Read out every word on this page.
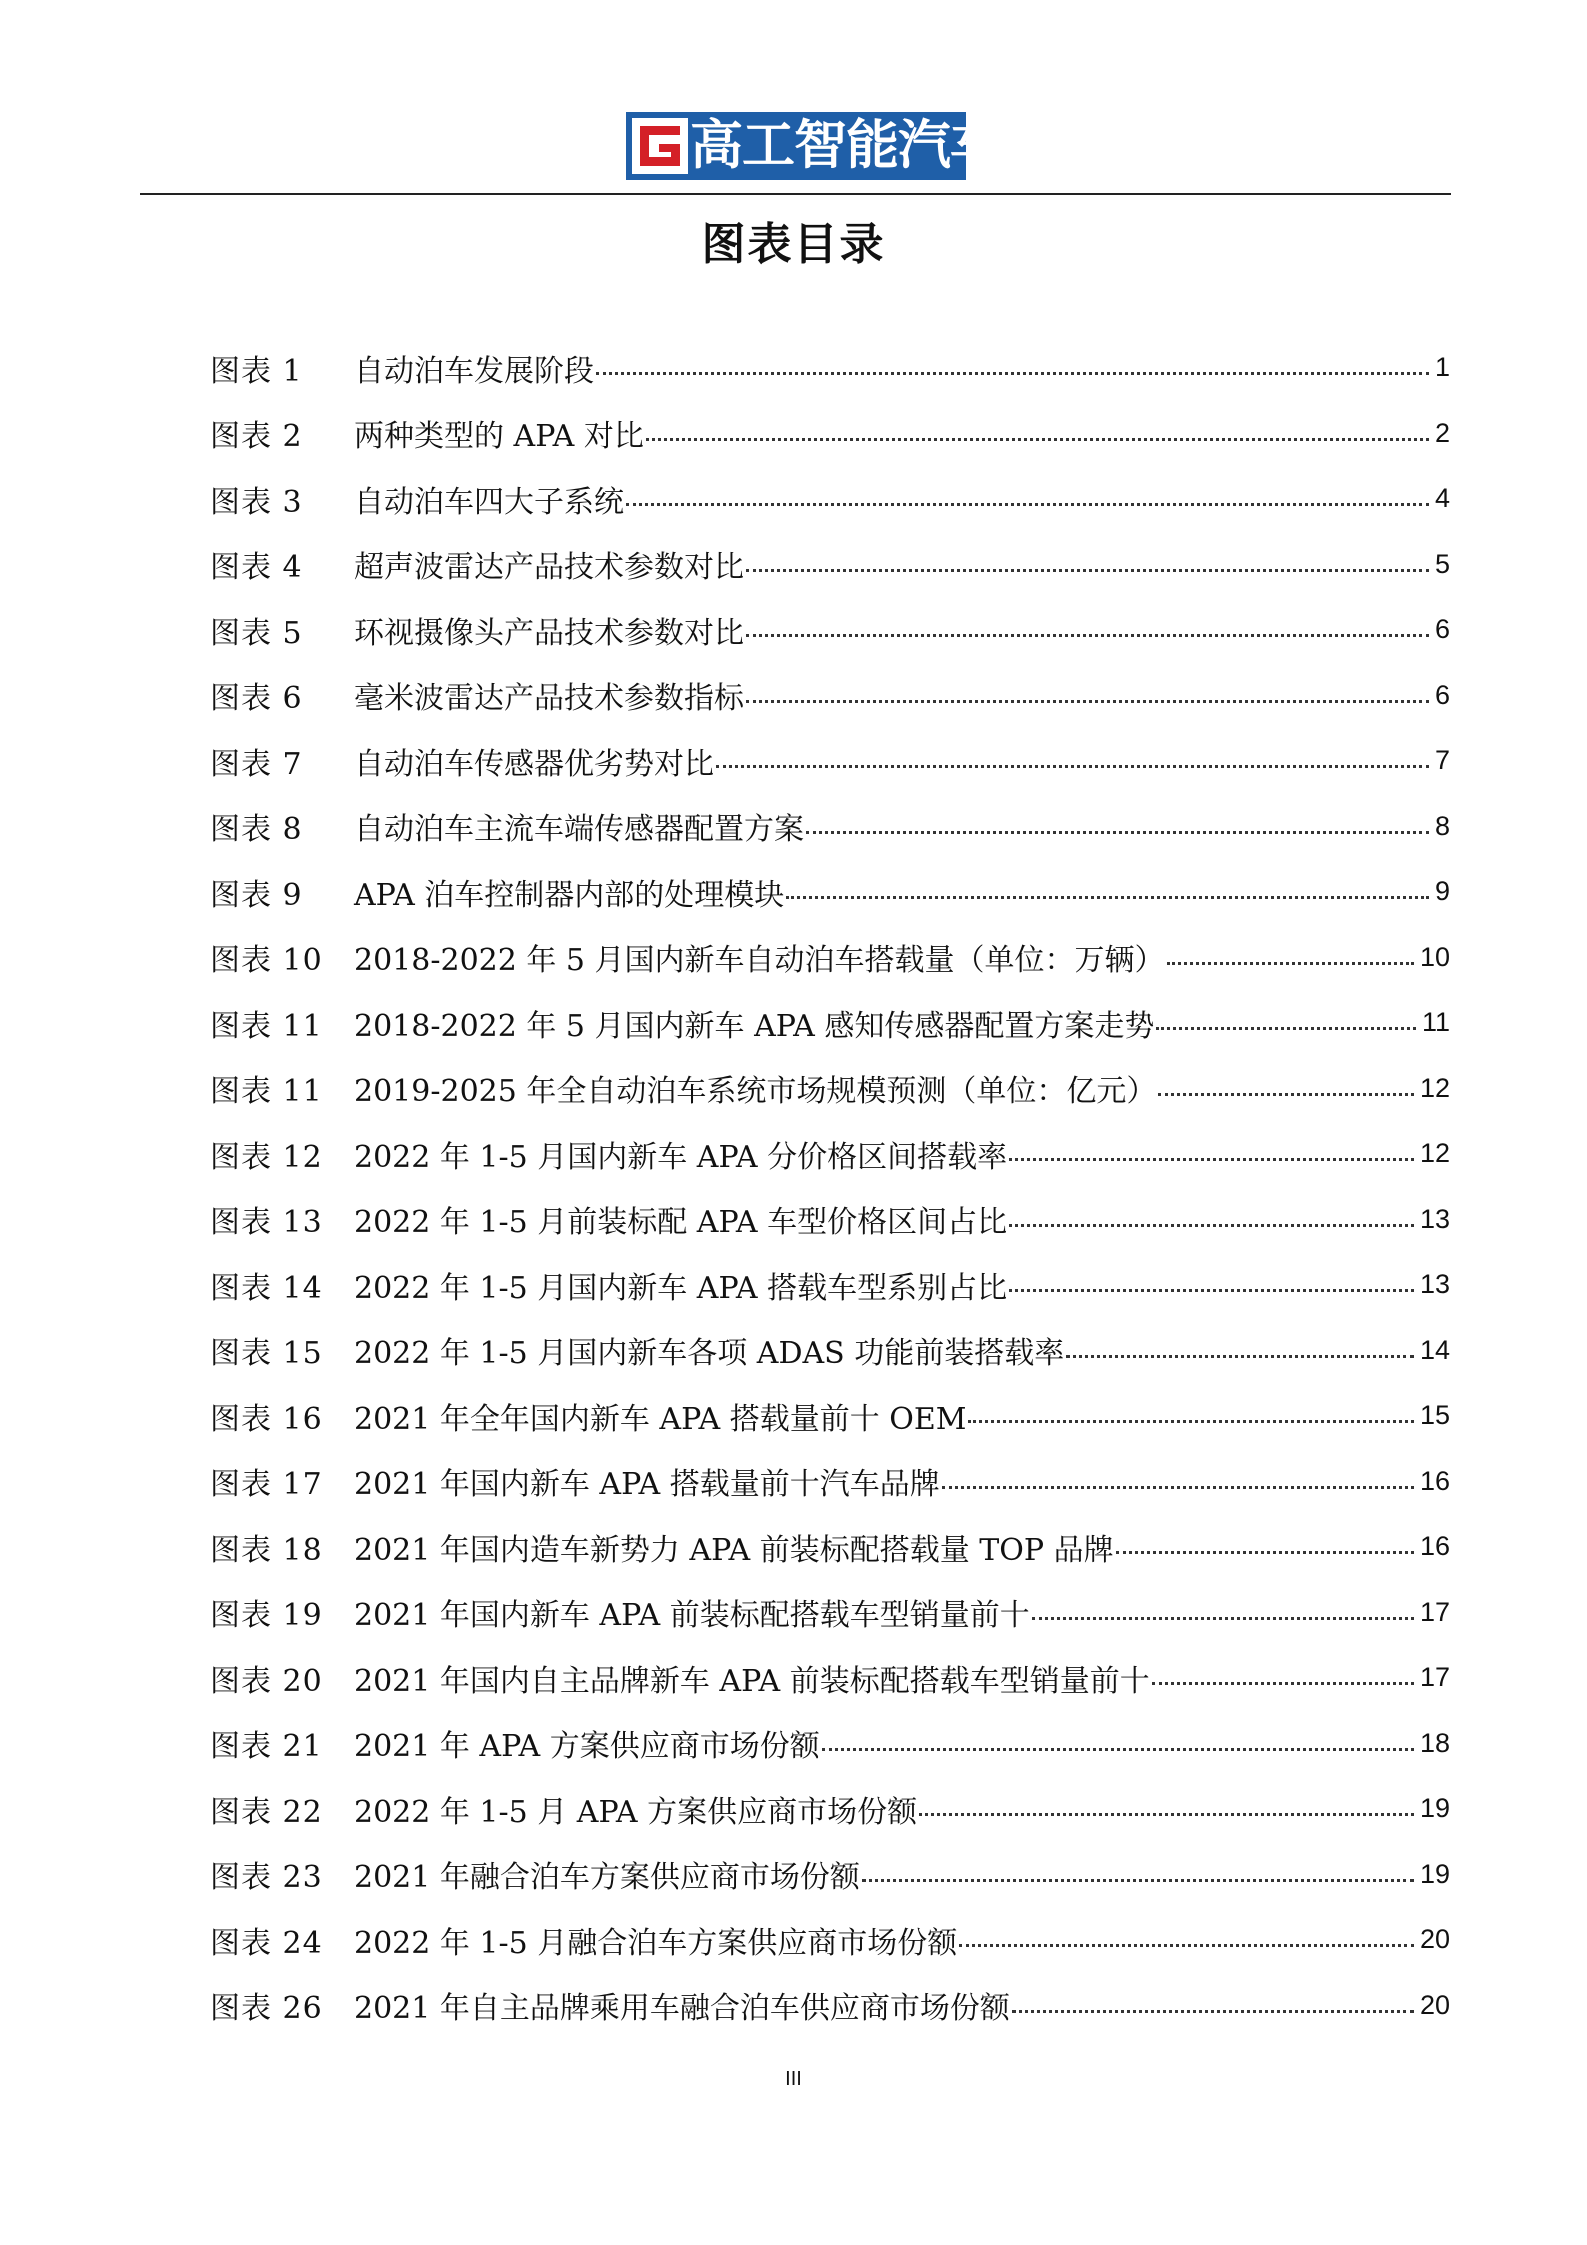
高工智能汽车
图表目录
图表 1	自动泊车发展阶段	1
图表 2	两种类型的 APA 对比	2
图表 3	自动泊车四大子系统	4
图表 4	超声波雷达产品技术参数对比	5
图表 5	环视摄像头产品技术参数对比	6
图表 6	毫米波雷达产品技术参数指标	6
图表 7	自动泊车传感器优劣势对比	7
图表 8	自动泊车主流车端传感器配置方案	8
图表 9	APA 泊车控制器内部的处理模块	9
图表 10	2018-2022 年 5 月国内新车自动泊车搭载量（单位：万辆）	10
图表 11	2018-2022 年 5 月国内新车 APA 感知传感器配置方案走势	11
图表 11	2019-2025 年全自动泊车系统市场规模预测（单位：亿元）	12
图表 12	2022 年 1-5 月国内新车 APA 分价格区间搭载率	12
图表 13	2022 年 1-5 月前装标配 APA 车型价格区间占比	13
图表 14	2022 年 1-5 月国内新车 APA 搭载车型系别占比	13
图表 15	2022 年 1-5 月国内新车各项 ADAS 功能前装搭载率	14
图表 16	2021 年全年国内新车 APA 搭载量前十 OEM	15
图表 17	2021 年国内新车 APA 搭载量前十汽车品牌	16
图表 18	2021 年国内造车新势力 APA 前装标配搭载量 TOP 品牌	16
图表 19	2021 年国内新车 APA 前装标配搭载车型销量前十	17
图表 20	2021 年国内自主品牌新车 APA 前装标配搭载车型销量前十	17
图表 21	2021 年 APA 方案供应商市场份额	18
图表 22	2022 年 1-5 月 APA 方案供应商市场份额	19
图表 23	2021 年融合泊车方案供应商市场份额	19
图表 24	2022 年 1-5 月融合泊车方案供应商市场份额	20
图表 26	2021 年自主品牌乘用车融合泊车供应商市场份额	20
III
